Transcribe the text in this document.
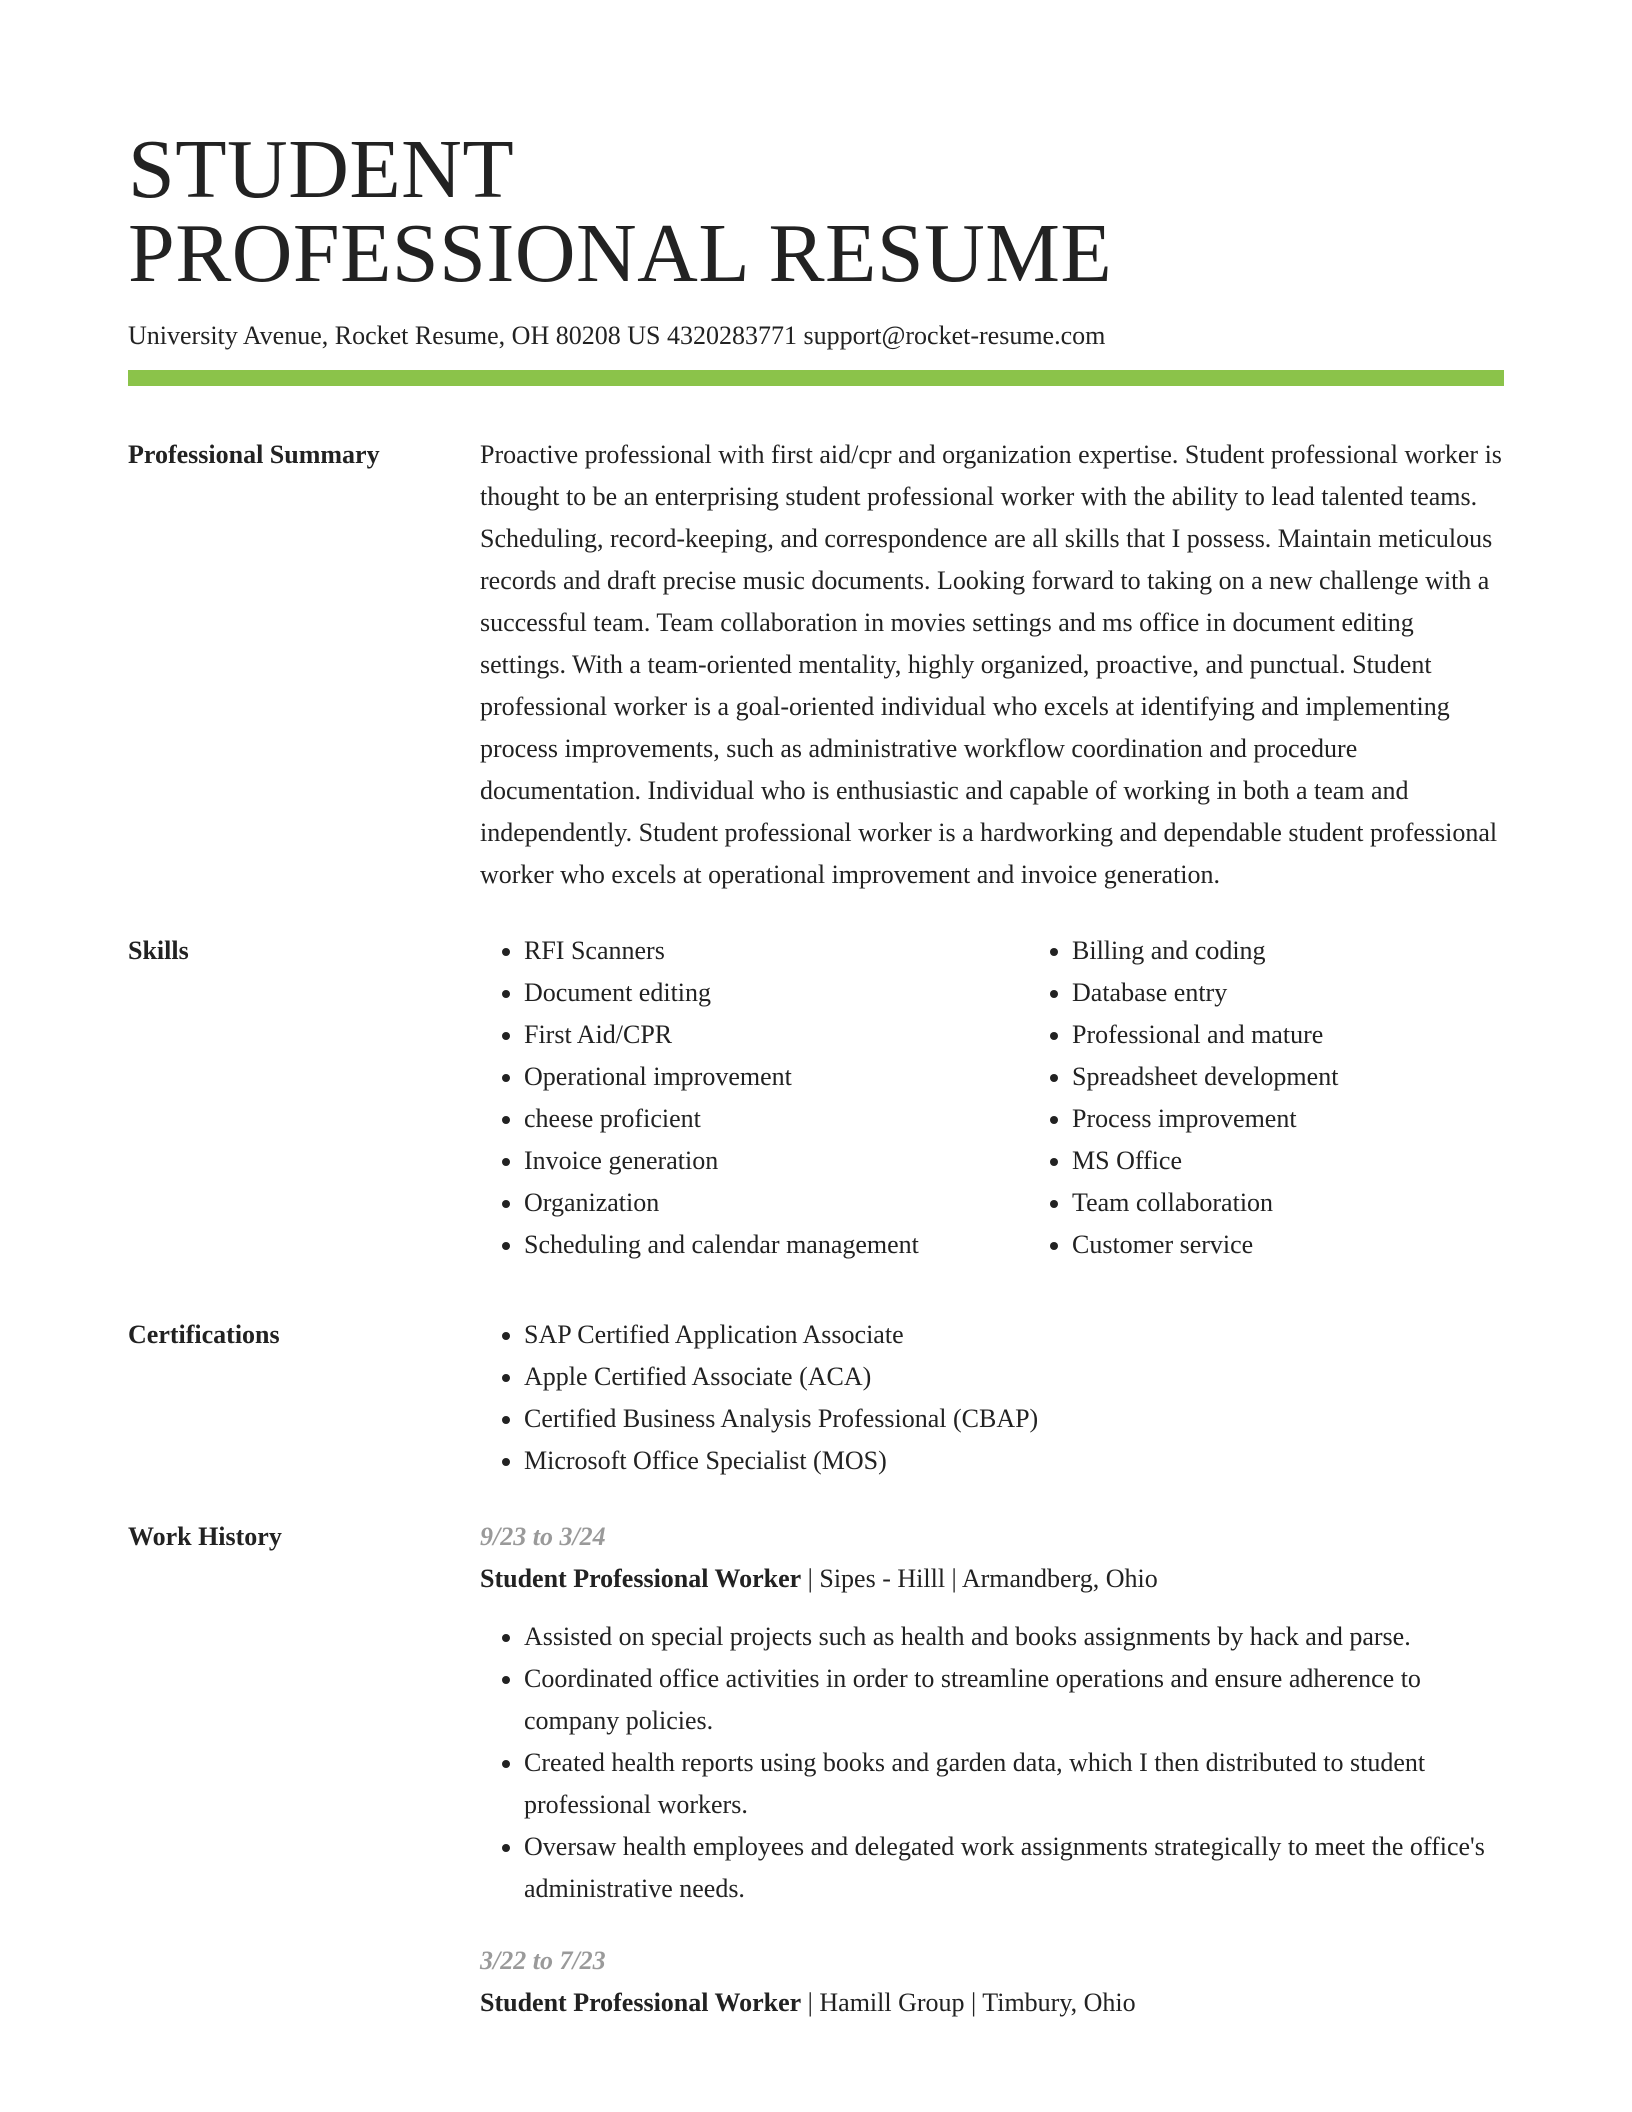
STUDENT
PROFESSIONAL RESUME
University Avenue, Rocket Resume, OH 80208 US 4320283771 support@rocket-resume.com
Professional Summary	Proactive professional with first aid/cpr and organization expertise. Student professional worker is thought to be an enterprising student professional worker with the ability to lead talented teams. Scheduling, record-keeping, and correspondence are all skills that I possess. Maintain meticulous records and draft precise music documents. Looking forward to taking on a new challenge with a successful team. Team collaboration in movies settings and ms office in document editing settings. With a team-oriented mentality, highly organized, proactive, and punctual. Student professional worker is a goal-oriented individual who excels at identifying and implementing process improvements, such as administrative workflow coordination and procedure documentation. Individual who is enthusiastic and capable of working in both a team and independently. Student professional worker is a hardworking and dependable student professional worker who excels at operational improvement and invoice generation.

Skills	• RFI Scanners
• Document editing
• First Aid/CPR
• Operational improvement
• cheese proficient
• Invoice generation
• Organization
• Scheduling and calendar management
• Billing and coding
• Database entry
• Professional and mature
• Spreadsheet development
• Process improvement
• MS Office
• Team collaboration
• Customer service
Certifications	• SAP Certified Application Associate
• Apple Certified Associate (ACA)
• Certified Business Analysis Professional (CBAP)
• Microsoft Office Specialist (MOS)
Work History	9/23 to 3/24
Student Professional Worker | Sipes - Hilll | Armandberg, Ohio
• Assisted on special projects such as health and books assignments by hack and parse.
• Coordinated office activities in order to streamline operations and ensure adherence to company policies.
• Created health reports using books and garden data, which I then distributed to student professional workers.
• Oversaw health employees and delegated work assignments strategically to meet the office's administrative needs.
3/22 to 7/23
Student Professional Worker | Hamill Group | Timbury, Ohio
